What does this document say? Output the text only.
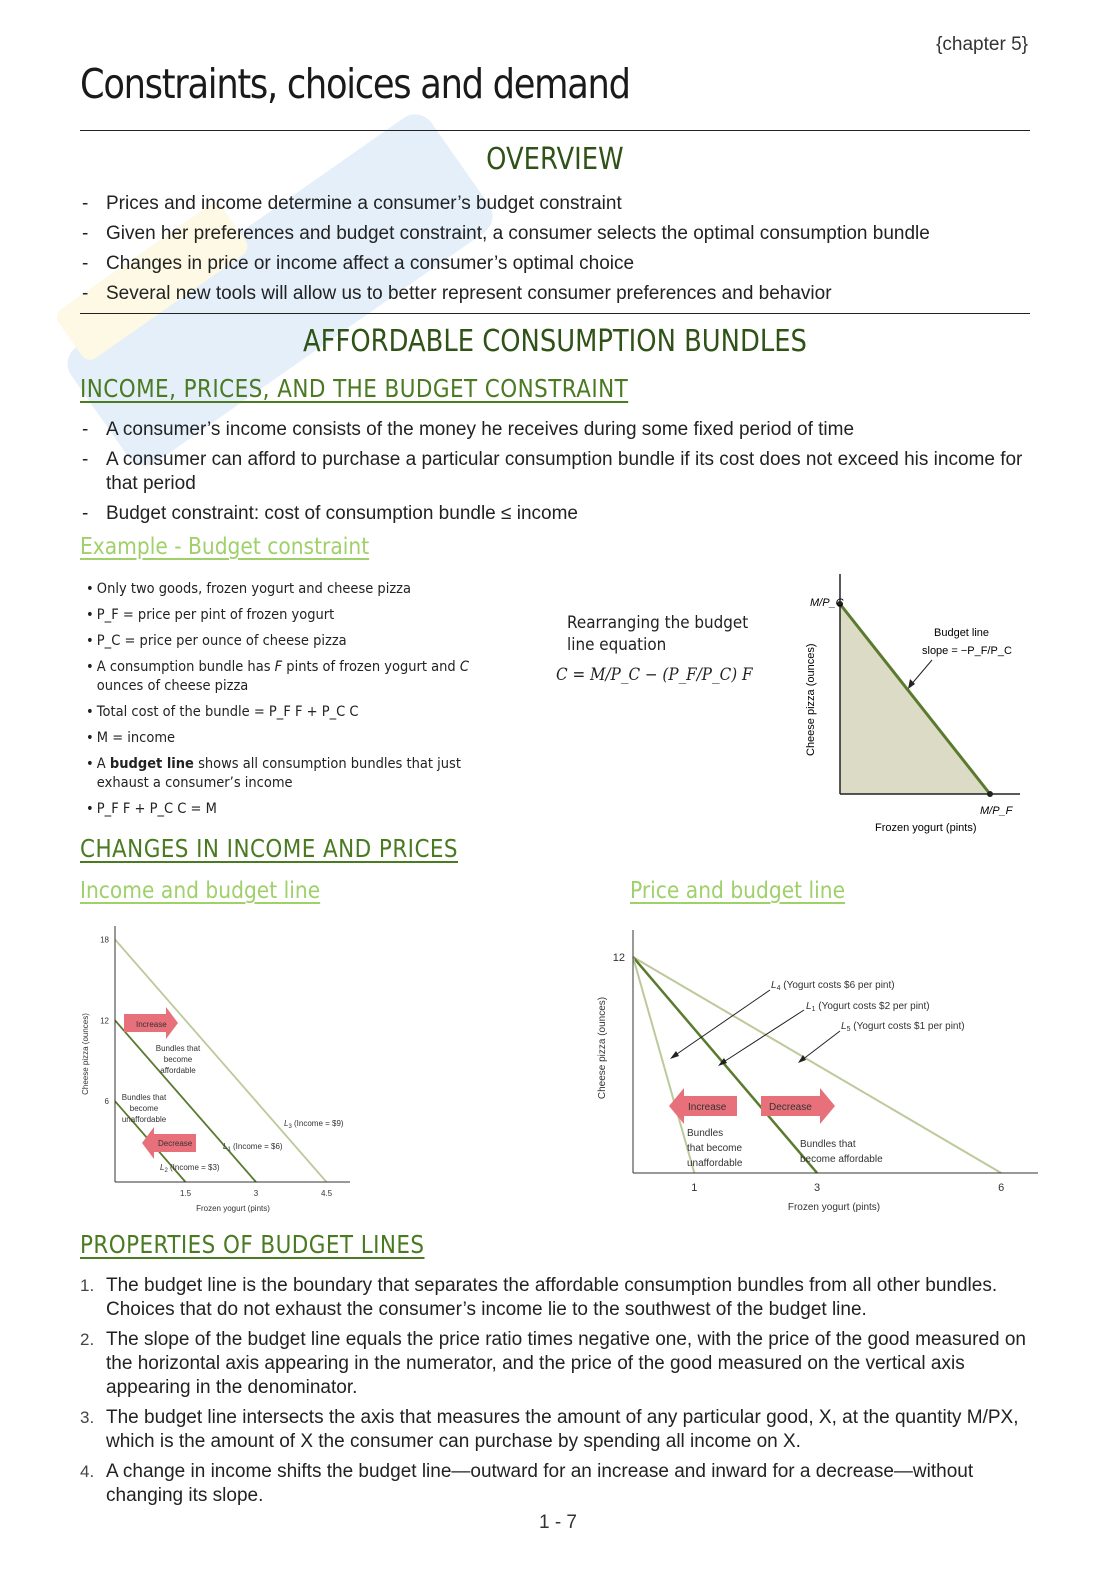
{chapter 5}
Constraints, choices and demand
OVERVIEW
- Prices and income determine a consumer’s budget constraint
- Given her preferences and budget constraint, a consumer selects the optimal consumption bundle
- Changes in price or income affect a consumer’s optimal choice
- Several new tools will allow us to better represent consumer preferences and behavior
AFFORDABLE CONSUMPTION BUNDLES
INCOME, PRICES, AND THE BUDGET CONSTRAINT
- A consumer’s income consists of the money he receives during some fixed period of time
- A consumer can afford to purchase a particular consumption bundle if its cost does not exceed his income for that period
- Budget constraint: cost of consumption bundle ≤ income
Example - Budget constraint
• Only two goods, frozen yogurt and cheese pizza
• P_F = price per pint of frozen yogurt
• P_C = price per ounce of cheese pizza
• A consumption bundle has F pints of frozen yogurt and C ounces of cheese pizza
• Total cost of the bundle = P_F F + P_C C
• M = income
• A budget line shows all consumption bundles that just exhaust a consumer’s income
• P_F F + P_C C = M
Rearranging the budget line equation
C = M/P_C − (P_F/P_C) F
M/P_C
M/P_F
Budget line
slope = −P_F/P_C
Frozen yogurt (pints)
Cheese pizza (ounces)
CHANGES IN INCOME AND PRICES
Income and budget line	Price and budget line
6
12
18
1.5	3	4.5
Increase
Decrease
Bundles that
become
affordable
Bundles that
become
unaffordable
$L_2$ (Income = $3)
$L_1$ (Income = $6)
$L_3$ (Income = $9)
Frozen yogurt (pints)
Cheese pizza (ounces)
12
1	3	6
$L_4$ (Yogurt costs $6 per pint)
$L_1$ (Yogurt costs $2 per pint)
$L_5$ (Yogurt costs $1 per pint)
Increase	Decrease
Bundles
that become
unaffordable
Bundles that
become affordable
Frozen yogurt (pints)
Cheese pizza (ounces)
PROPERTIES OF BUDGET LINES
1. The budget line is the boundary that separates the affordable consumption bundles from all other bundles. Choices that do not exhaust the consumer’s income lie to the southwest of the budget line.
2. The slope of the budget line equals the price ratio times negative one, with the price of the good measured on the horizontal axis appearing in the numerator, and the price of the good measured on the vertical axis appearing in the denominator.
3. The budget line intersects the axis that measures the amount of any particular good, X, at the quantity M/PX, which is the amount of X the consumer can purchase by spending all income on X.
4. A change in income shifts the budget line—outward for an increase and inward for a decrease—without changing its slope.
1 - 7
